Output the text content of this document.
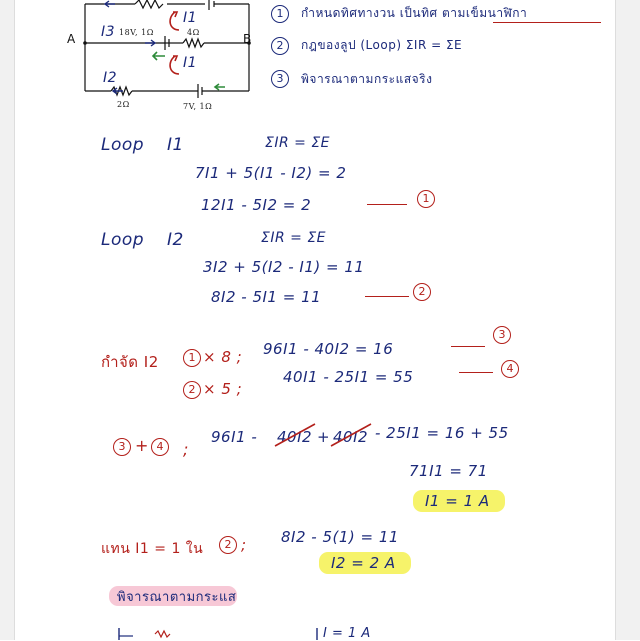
A	B
I3
I1
I1
I2
18V, 1Ω	4Ω
2Ω	7V, 1Ω
1	กำหนดทิศทางวน เป็นทิศ ตามเข็มนาฬิกา
2	กฎของลูป (Loop) ΣIR = ΣE
3	พิจารณาตามกระแสจริง
Loop I1	ΣIR = ΣE
7I1 + 5(I1 - I2) = 2
12I1 - 5I2 = 2	1
Loop I2	ΣIR = ΣE
3I2 + 5(I2 - I1) = 11
8I2 - 5I1 = 11	2
กำจัด I2	1 × 8 ; 96I1 - 40I2 = 16
3
2 × 5 ;
40I1 - 25I1 = 55	4
3 + 4	;
96I1 - 40I2 + 40I2 - 25I1 = 16 + 55
71I1 = 71
I1 = 1 A
แทน I1 = 1 ใน	2 ; 8I2 - 5(1) = 11
I2 = 2 A
พิจารณาตามกระแส
I = 1 A
